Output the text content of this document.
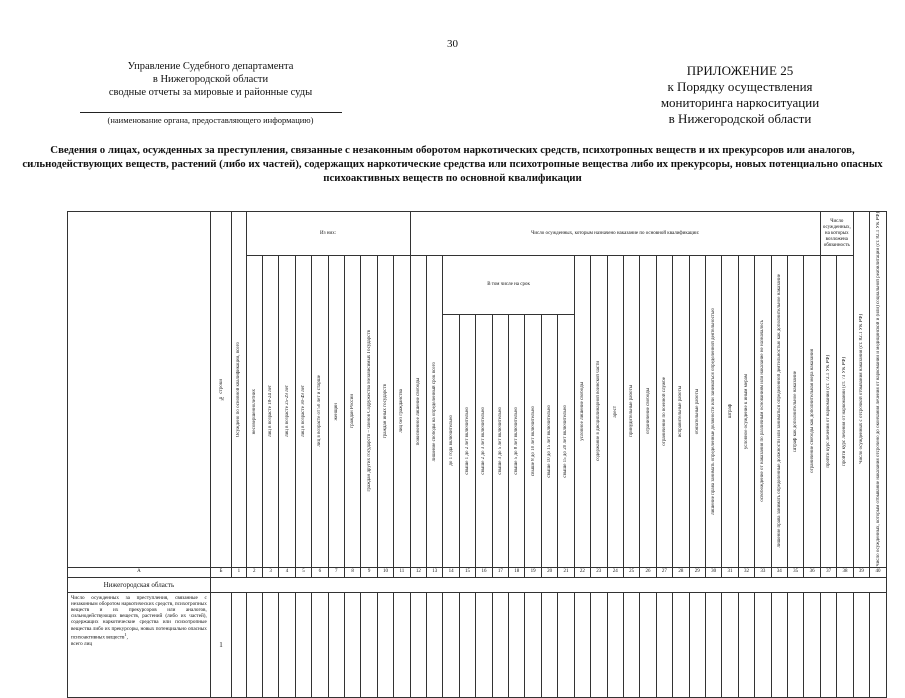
30
Управление Судебного департамента
в Нижегородской области
сводные отчеты за мировые и районные суды
(наименование органа, предоставляющего информацию)
ПРИЛОЖЕНИЕ 25
к Порядку осуществления
мониторинга наркоситуации
в Нижегородской области
Сведения о лицах, осужденных за преступления, связанные с незаконным оборотом наркотических средств, психотропных веществ и их прекурсоров или аналогов, сильнодействующих веществ, растений (либо их частей), содержащих наркотические средства или психотропные вещества либо их прекурсоры, новых потенциально опасных психоактивных веществ по основной квалификации

	№ строки	Осуждено по основной квалификации, всего	Из них:										Число осужденных, которым назначено наказание по основной квалификации:																									Число осужденных, на которых возложена обязанность		Число осужденных с отсрочкой отбывания наказания (ст. 82.1 УК РФ)	Число осужденных, которым отбывание наказания отсрочено до окончания лечения от наркомании и медицинской и (или) социальной реабилитации (ст. 82.1 УК РФ)

			несовершеннолетних	лиц в возрасте 18-24 лет	лиц в возрасте 25-29 лет	лиц в возрасте 30-49 лет	лиц в возрасте от 50 лет и старше	женщин	граждан России	граждан других государств – членов Содружества Независимых Государств	граждан иных государств	лиц без гражданства	пожизненное лишение свободы	лишение свободы на определенный срок всего	В том числе на срок								условное лишение свободы	содержание в дисциплинарной воинской части	арест	принудительные работы	ограничение свободы	ограничение по военной службе	исправительные работы	обязательные работы	лишение права занимать определенные должности или заниматься определенной деятельностью	штраф	условное осуждение к иным мерам	освобождение от наказания по различным основаниям или наказание не назначалось	лишение права занимать определенные должности или заниматься определенной деятельностью как дополнительное наказание	штраф как дополнительное наказание	ограничение свободы как дополнительная мера наказания	пройти курс лечения от наркомании (ст. 72.1 УК РФ)	пройти курс лечения от наркомании (ст. 73 УК РФ)		

															до 1 года включительно	свыше 1 до 2 лет включительно	свыше 2 до 3 лет включительно	свыше 3 до 5 лет включительно	свыше 5 до 8 лет включительно	свыше 8 до 10 лет включительно	свыше 10 до 15 лет включительно	свыше 15 до 20 лет включительно																			

А	Б	1	2	3	4	5	6	7	8	9	10	11	12	13	14	15	16	17	18	19	20	21	22	23	24	25	26	27	28	29	30	31	32	33	34	35	36	37	38	39	40
Нижегородская область																																									
Число осужденных за преступления, связанные с незаконным оборотом наркотических средств, психотропных веществ и их прекурсоров или аналогов, сильнодействующих веществ, растений (либо их частей), содержащих наркотические средства или психотропные вещества либо их прекурсоры, новых потенциально опасных психоактивных веществ$^1$,
всего лиц	1																																								
